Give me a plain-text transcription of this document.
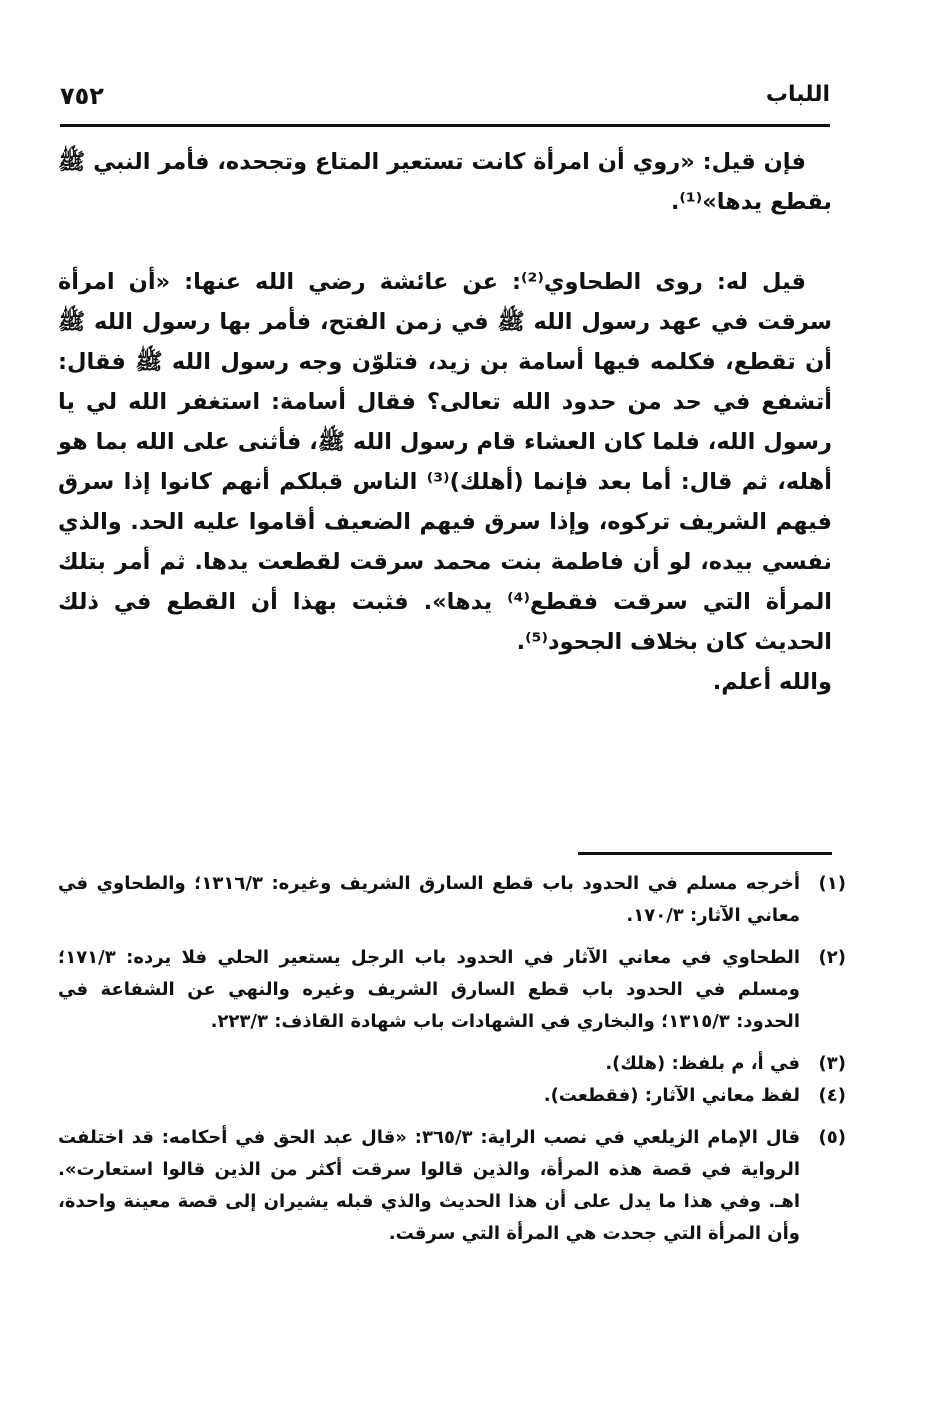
٧٥٢	اللباب

فإن قيل: «روي أن امرأة كانت تستعير المتاع وتجحده، فأمر النبي ﷺ بقطع يدها»⁽¹⁾.

قيل له: روى الطحاوي⁽²⁾: عن عائشة رضي الله عنها: «أن امرأة سرقت في عهد رسول الله ﷺ في زمن الفتح، فأمر بها رسول الله ﷺ أن تقطع، فكلمه فيها أسامة بن زيد، فتلوّن وجه رسول الله ﷺ فقال: أتشفع في حد من حدود الله تعالى؟ فقال أسامة: استغفر الله لي يا رسول الله، فلما كان العشاء قام رسول الله ﷺ، فأثنى على الله بما هو أهله، ثم قال: أما بعد فإنما (أهلك)⁽³⁾ الناس قبلكم أنهم كانوا إذا سرق فيهم الشريف تركوه، وإذا سرق فيهم الضعيف أقاموا عليه الحد. والذي نفسي بيده، لو أن فاطمة بنت محمد سرقت لقطعت يدها. ثم أمر بتلك المرأة التي سرقت فقطع⁽⁴⁾ يدها». فثبت بهذا أن القطع في ذلك الحديث كان بخلاف الجحود⁽⁵⁾.

والله أعلم.

(١)
أخرجه مسلم في الحدود باب قطع السارق الشريف وغيره: ١٣١٦/٣؛ والطحاوي في معاني الآثار: ١٧٠/٣.
(٢)
الطحاوي في معاني الآثار في الحدود باب الرجل يستعير الحلي فلا يرده: ١٧١/٣؛ ومسلم في الحدود باب قطع السارق الشريف وغيره والنهي عن الشفاعة في الحدود: ١٣١٥/٣؛ والبخاري في الشهادات باب شهادة القاذف: ٢٢٣/٣.
(٣)
في أ، م بلفظ: (هلك).
(٤)
لفظ معاني الآثار: (فقطعت).
(٥)
قال الإمام الزيلعي في نصب الراية: ٣٦٥/٣: «قال عبد الحق في أحكامه: قد اختلفت الرواية في قصة هذه المرأة، والذين قالوا سرقت أكثر من الذين قالوا استعارت». اهـ. وفي هذا ما يدل على أن هذا الحديث والذي قبله يشيران إلى قصة معينة واحدة، وأن المرأة التي جحدت هي المرأة التي سرقت.
